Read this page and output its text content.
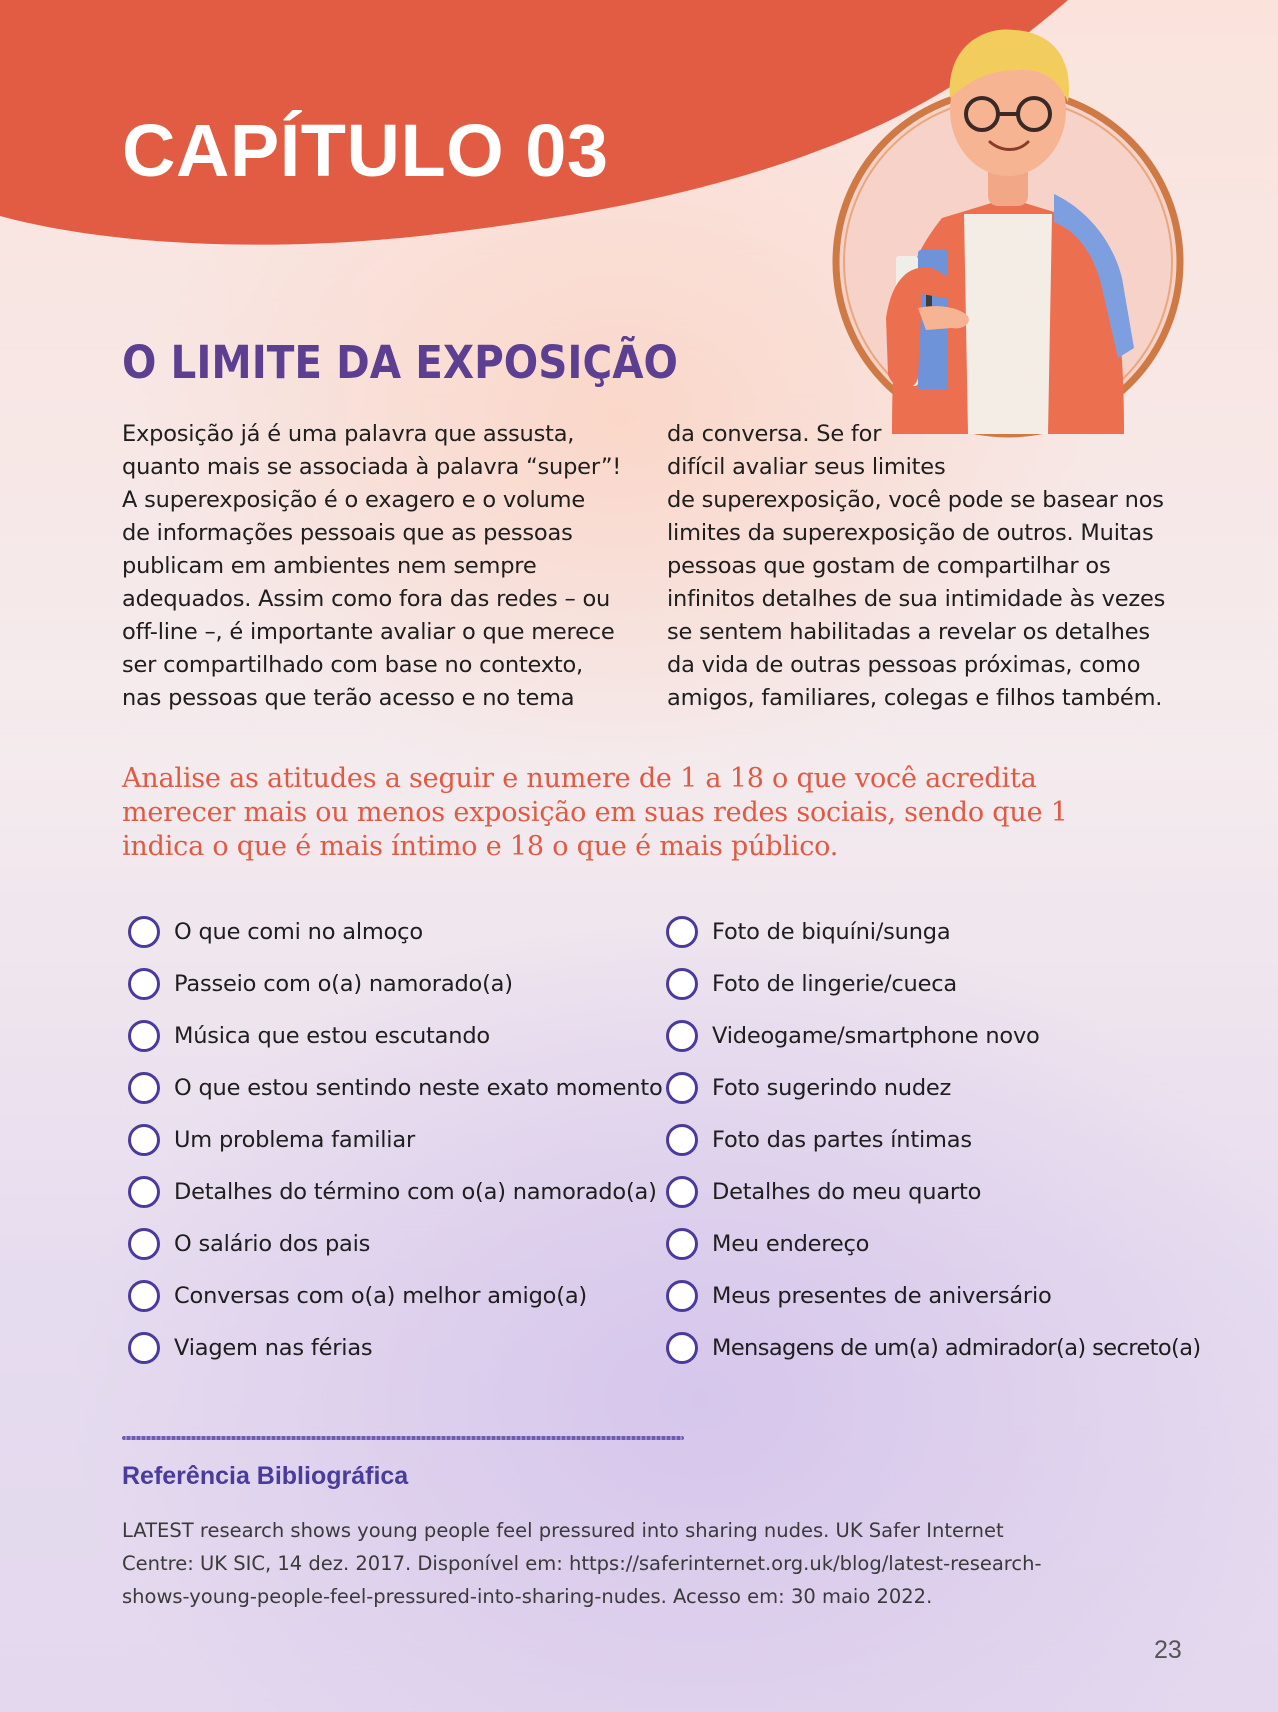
CAPÍTULO 03
O LIMITE DA EXPOSIÇÃO
Exposição já é uma palavra que assusta,
quanto mais se associada à palavra “super”!
A superexposição é o exagero e o volume
de informações pessoais que as pessoas
publicam em ambientes nem sempre
adequados. Assim como fora das redes – ou
off-line –, é importante avaliar o que merece
ser compartilhado com base no contexto,
nas pessoas que terão acesso e no tema
da conversa. Se for
difícil avaliar seus limites
de superexposição, você pode se basear nos
limites da superexposição de outros. Muitas
pessoas que gostam de compartilhar os
infinitos detalhes de sua intimidade às vezes
se sentem habilitadas a revelar os detalhes
da vida de outras pessoas próximas, como
amigos, familiares, colegas e filhos também.
Analise as atitudes a seguir e numere de 1 a 18 o que você acredita
merecer mais ou menos exposição em suas redes sociais, sendo que 1
indica o que é mais íntimo e 18 o que é mais público.
O que comi no almoço
Passeio com o(a) namorado(a)
Música que estou escutando
O que estou sentindo neste exato momento
Um problema familiar
Detalhes do término com o(a) namorado(a)
O salário dos pais
Conversas com o(a) melhor amigo(a)
Viagem nas férias
Foto de biquíni/sunga
Foto de lingerie/cueca
Videogame/smartphone novo
Foto sugerindo nudez
Foto das partes íntimas
Detalhes do meu quarto
Meu endereço
Meus presentes de aniversário
Mensagens de um(a) admirador(a) secreto(a)
Referência Bibliográfica
LATEST research shows young people feel pressured into sharing nudes. UK Safer Internet
Centre: UK SIC, 14 dez. 2017. Disponível em: https://saferinternet.org.uk/blog/latest-research-
shows-young-people-feel-pressured-into-sharing-nudes. Acesso em: 30 maio 2022.
23
